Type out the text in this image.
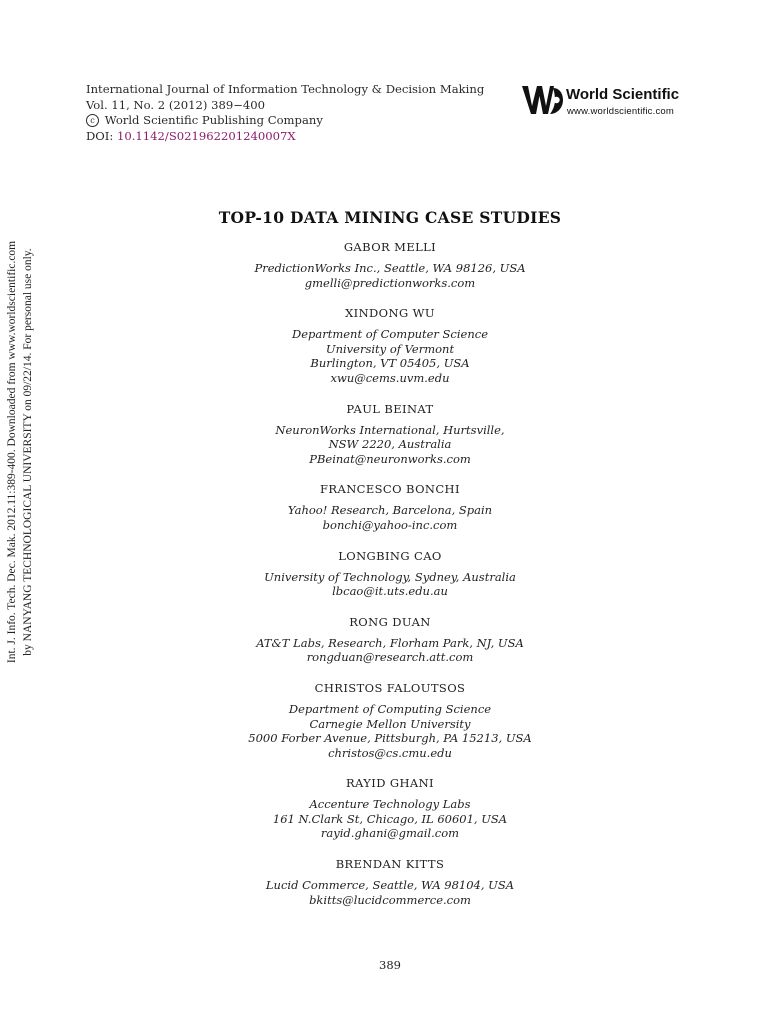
International Journal of Information Technology & Decision Making
Vol. 11, No. 2 (2012) 389−400
c World Scientific Publishing Company
DOI: 10.1142/S021962201240007X
World Scientific
www.worldscientific.com
Int. J. Info. Tech. Dec. Mak. 2012.11:389-400. Downloaded from www.worldscientific.com by NANYANG TECHNOLOGICAL UNIVERSITY on 09/22/14. For personal use only.
TOP-10 DATA MINING CASE STUDIES
GABOR MELLI
PredictionWorks Inc., Seattle, WA 98126, USA
gmelli@predictionworks.com
XINDONG WU
Department of Computer Science
University of Vermont
Burlington, VT 05405, USA
xwu@cems.uvm.edu
PAUL BEINAT
NeuronWorks International, Hurtsville,
NSW 2220, Australia
PBeinat@neuronworks.com
FRANCESCO BONCHI
Yahoo! Research, Barcelona, Spain
bonchi@yahoo-inc.com
LONGBING CAO
University of Technology, Sydney, Australia
lbcao@it.uts.edu.au
RONG DUAN
AT&T Labs, Research, Florham Park, NJ, USA
rongduan@research.att.com
CHRISTOS FALOUTSOS
Department of Computing Science
Carnegie Mellon University
5000 Forber Avenue, Pittsburgh, PA 15213, USA
christos@cs.cmu.edu
RAYID GHANI
Accenture Technology Labs
161 N.Clark St, Chicago, IL 60601, USA
rayid.ghani@gmail.com
BRENDAN KITTS
Lucid Commerce, Seattle, WA 98104, USA
bkitts@lucidcommerce.com
389
